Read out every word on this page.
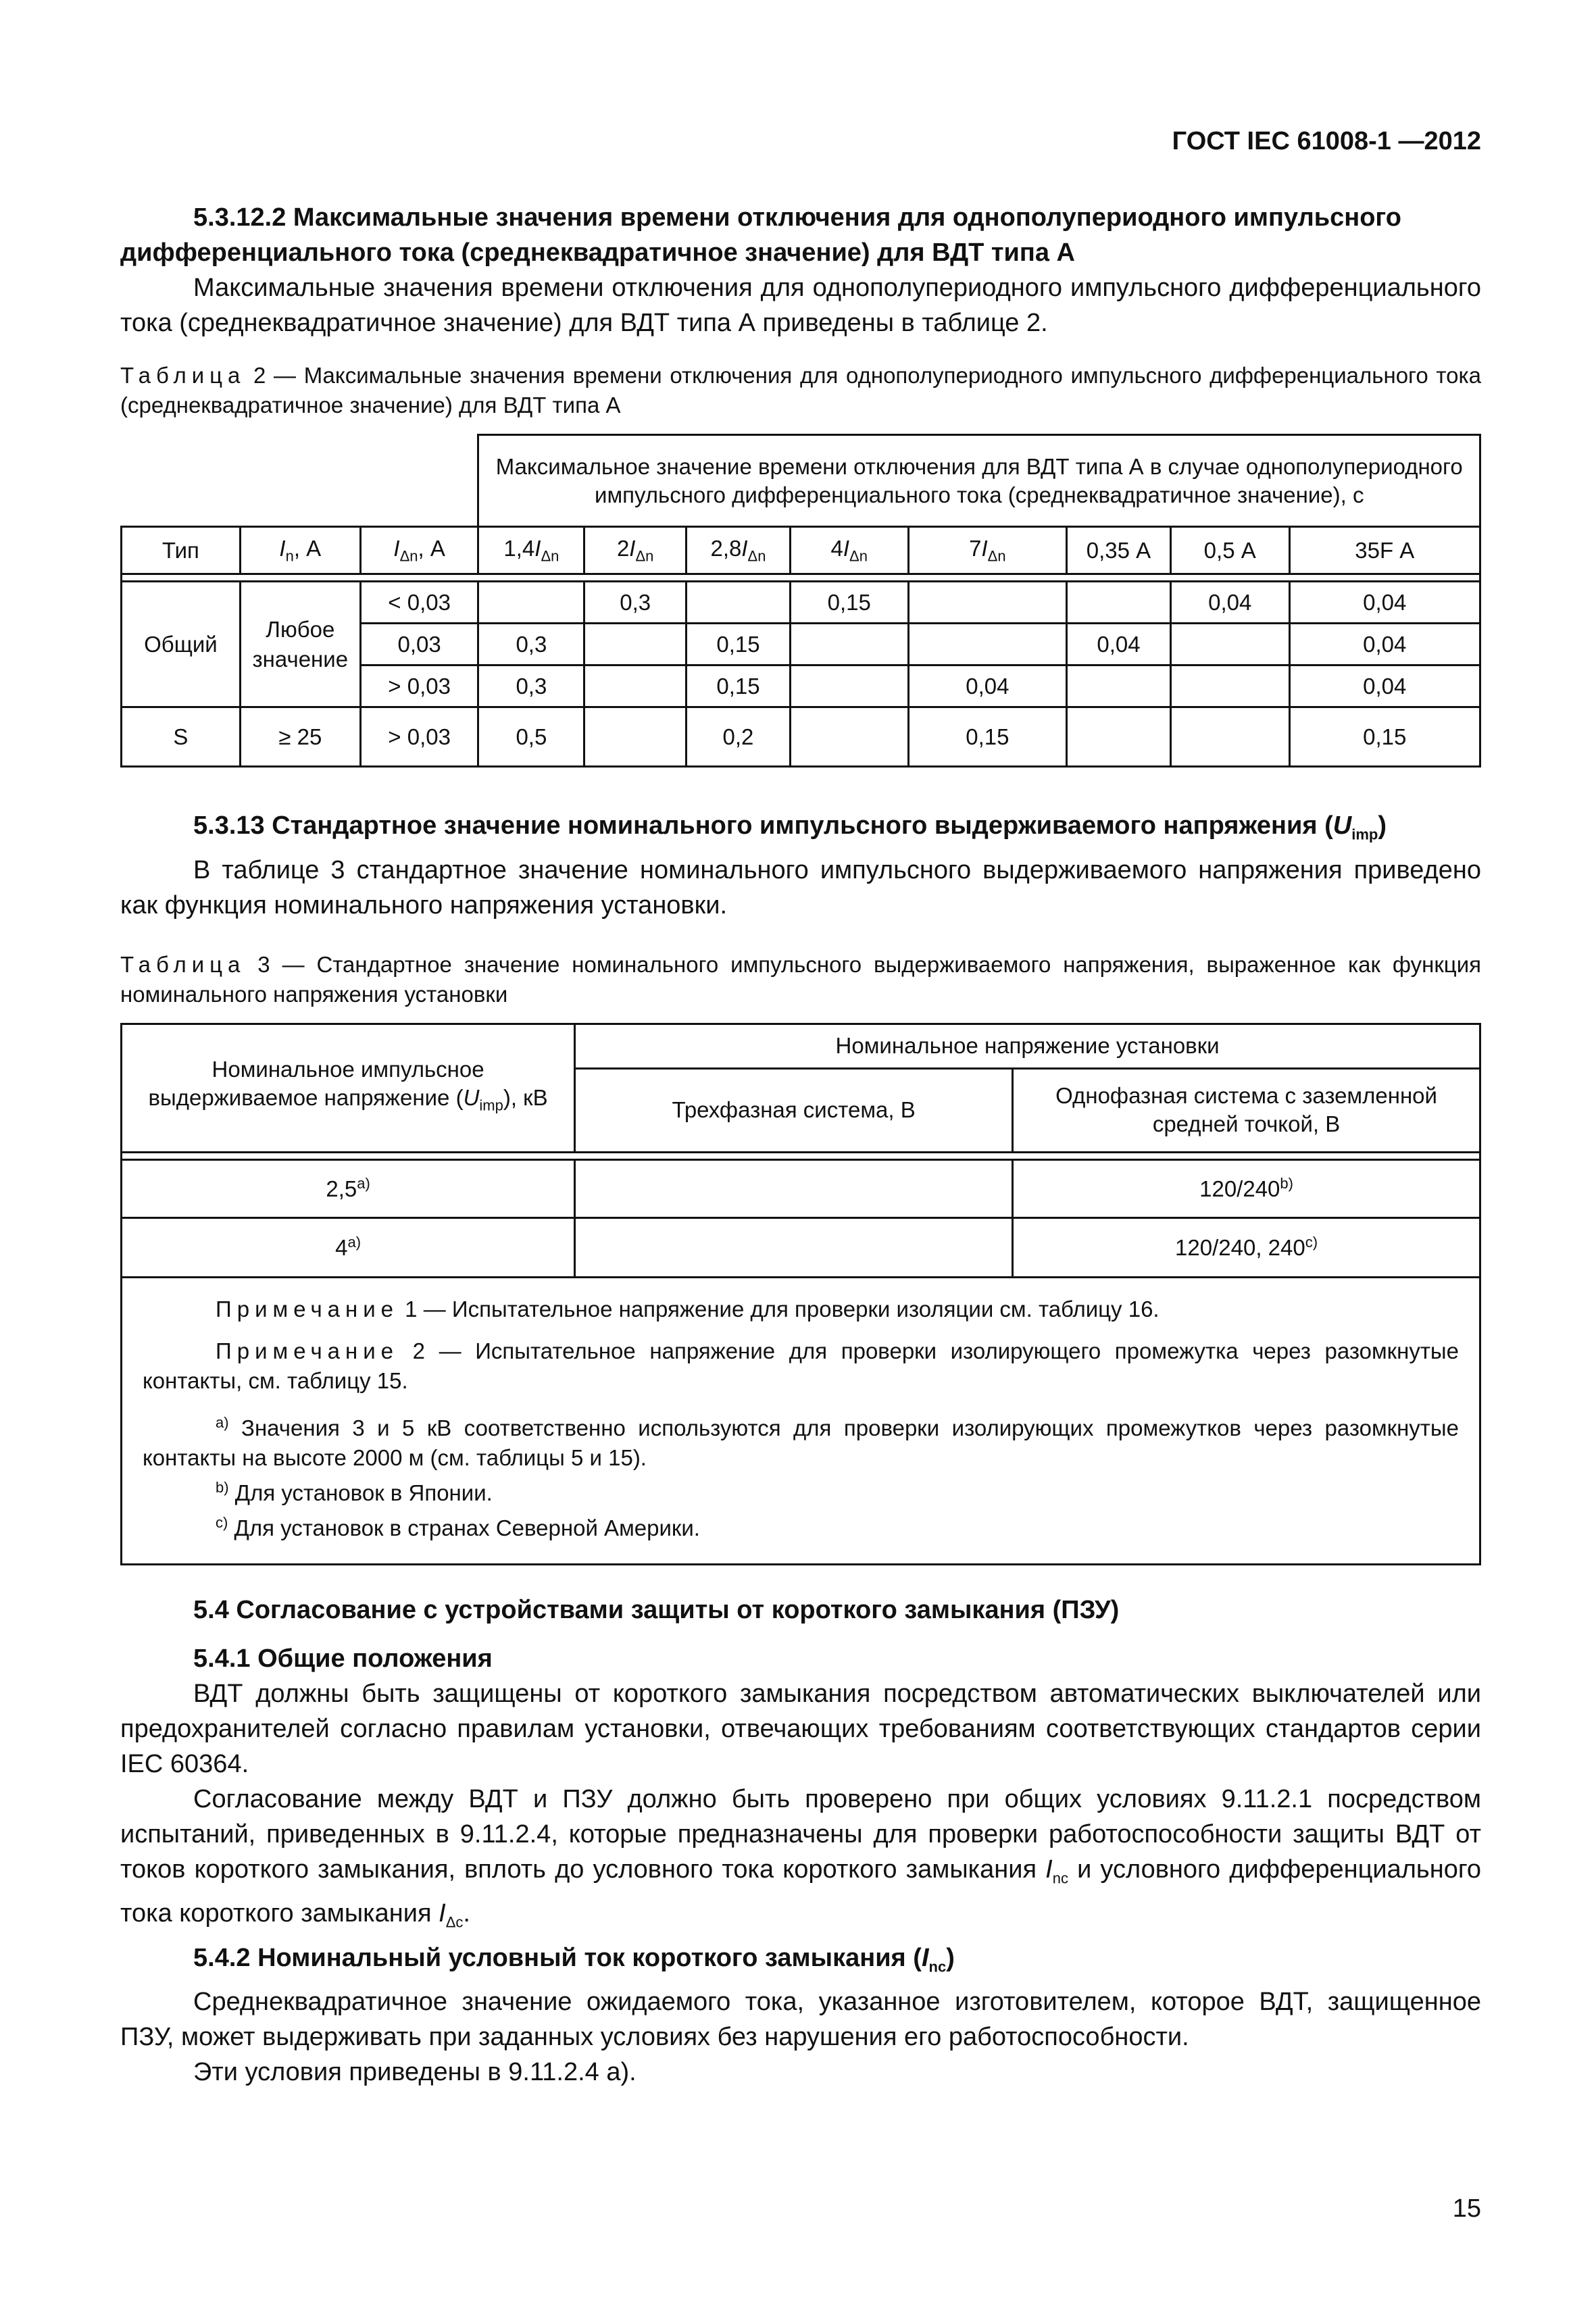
ГОСТ IEC 61008-1 —2012

5.3.12.2 Максимальные значения времени отключения для однополупериодного импульсного дифференциального тока (среднеквадратичное значение) для ВДТ типа А

Максимальные значения времени отключения для однополупериодного импульсного дифференциального тока (среднеквадратичное значение) для ВДТ типа А приведены в таблице 2.

Таблица 2 — Максимальные значения времени отключения для однополупериодного импульсного дифференциального тока (среднеквадратичное значение) для ВДТ типа А

			Максимальное значение времени отключения для ВДТ типа А в случае однополупериодного импульсного дифференциального тока (среднеквадратичное значение), с							
Тип	$I_n$, А	$I_{\Delta n}$, А	$1,4I_{\Delta n}$	$2I_{\Delta n}$	$2,8I_{\Delta n}$	$4I_{\Delta n}$	$7I_{\Delta n}$	0,35 А	0,5 А	35F А

Общий	Любое значение	< 0,03		0,3		0,15			0,04	0,04
		0,03	0,3		0,15			0,04		0,04
		> 0,03	0,3		0,15		0,04			0,04
S	≥ 25	> 0,03	0,5		0,2		0,15			0,15

5.3.13 Стандартное значение номинального импульсного выдерживаемого напряжения $(U_{imp})$

В таблице 3 стандартное значение номинального импульсного выдерживаемого напряжения приведено как функция номинального напряжения установки.

Таблица 3 — Стандартное значение номинального импульсного выдерживаемого напряжения, выраженное как функция номинального напряжения установки

Номинальное импульсное выдерживаемое напряжение $(U_{imp})$, кВ	Номинальное напряжение установки	
	Трехфазная система, В	Однофазная система с заземленной средней точкой, В

2,5$^{a)}$		120/240$^{b)}$
4$^{a)}$		120/240, 240$^{c)}$

Примечание 1 — Испытательное напряжение для проверки изоляции см. таблицу 16.

Примечание 2 — Испытательное напряжение для проверки изолирующего промежутка через разомкнутые контакты, см. таблицу 15.

$^{a)}$ Значения 3 и 5 кВ соответственно используются для проверки изолирующих промежутков через разомкнутые контакты на высоте 2000 м (см. таблицы 5 и 15).

$^{b)}$ Для установок в Японии.

$^{c)}$ Для установок в странах Северной Америки.		

5.4 Согласование с устройствами защиты от короткого замыкания (ПЗУ)

5.4.1 Общие положения

ВДТ должны быть защищены от короткого замыкания посредством автоматических выключателей или предохранителей согласно правилам установки, отвечающих требованиям соответствующих стандартов серии IEC 60364.

Согласование между ВДТ и ПЗУ должно быть проверено при общих условиях 9.11.2.1 посредством испытаний, приведенных в 9.11.2.4, которые предназначены для проверки работоспособности защиты ВДТ от токов короткого замыкания, вплоть до условного тока короткого замыкания $I_{nc}$ и условного дифференциального тока короткого замыкания $I_{\Delta c}$.

5.4.2 Номинальный условный ток короткого замыкания $(I_{nc})$

Среднеквадратичное значение ожидаемого тока, указанное изготовителем, которое ВДТ, защищенное ПЗУ, может выдерживать при заданных условиях без нарушения его работоспособности.

Эти условия приведены в 9.11.2.4 а).

15
